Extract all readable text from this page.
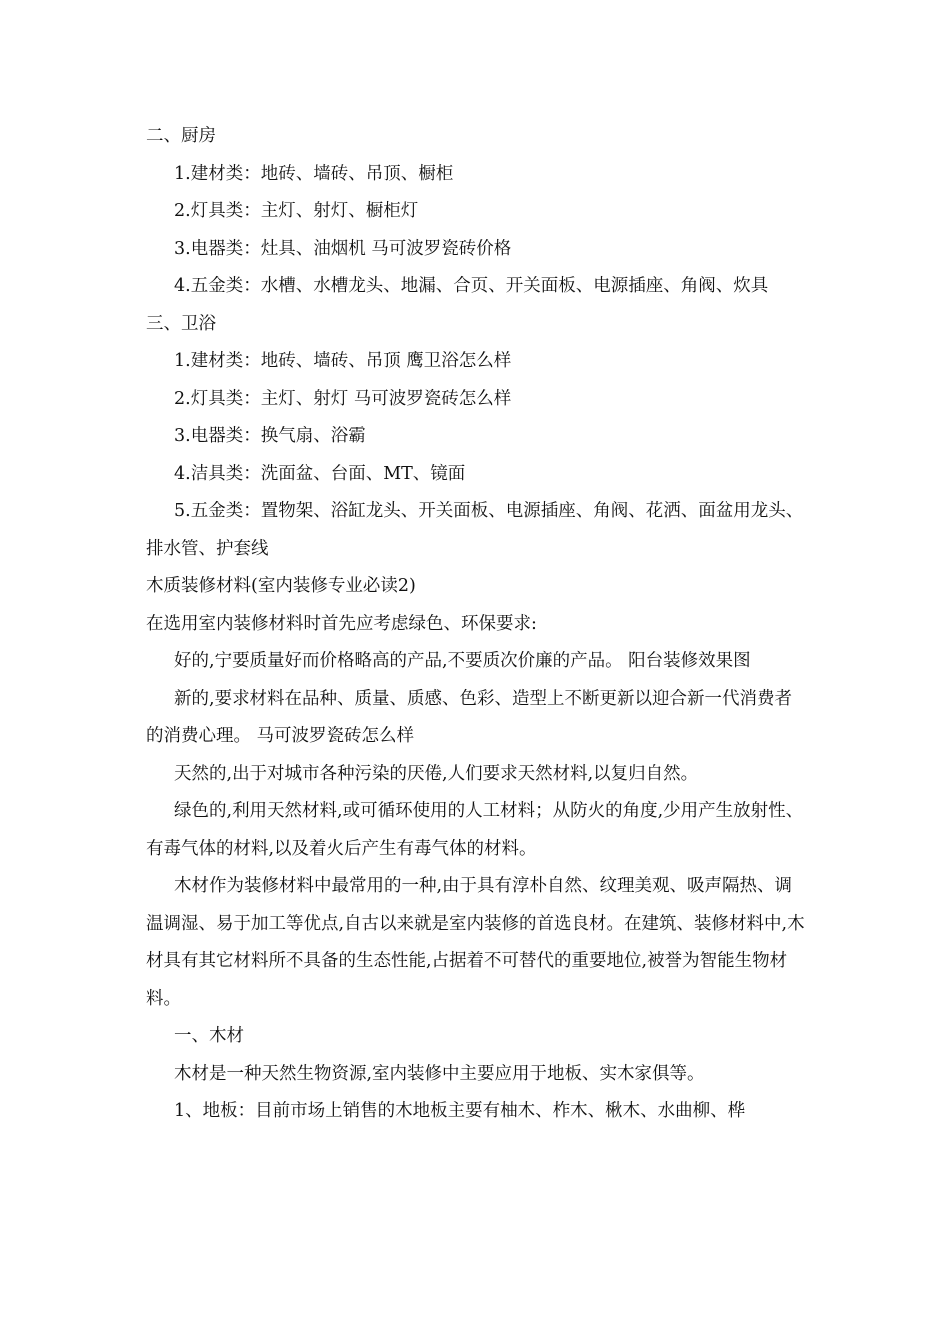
二、厨房

1.建材类：地砖、墙砖、吊顶、橱柜

2.灯具类：主灯、射灯、橱柜灯

3.电器类：灶具、油烟机 马可波罗瓷砖价格

4.五金类：水槽、水槽龙头、地漏、合页、开关面板、电源插座、角阀、炊具

三、卫浴

1.建材类：地砖、墙砖、吊顶 鹰卫浴怎么样

2.灯具类：主灯、射灯 马可波罗瓷砖怎么样

3.电器类：换气扇、浴霸

4.洁具类：洗面盆、台面、MT、镜面

5.五金类：置物架、浴缸龙头、开关面板、电源插座、角阀、花洒、面盆用龙头、排水管、护套线

木质装修材料(室内装修专业必读2)

在选用室内装修材料时首先应考虑绿色、环保要求:

好的,宁要质量好而价格略高的产品,不要质次价廉的产品。 阳台装修效果图

新的,要求材料在品种、质量、质感、色彩、造型上不断更新以迎合新一代消费者的消费心理。 马可波罗瓷砖怎么样

天然的,出于对城市各种污染的厌倦,人们要求天然材料,以复归自然。

绿色的,利用天然材料,或可循环使用的人工材料；从防火的角度,少用产生放射性、有毒气体的材料,以及着火后产生有毒气体的材料。

木材作为装修材料中最常用的一种,由于具有淳朴自然、纹理美观、吸声隔热、调温调湿、易于加工等优点,自古以来就是室内装修的首选良材。在建筑、装修材料中,木材具有其它材料所不具备的生态性能,占据着不可替代的重要地位,被誉为智能生物材料。

一、木材

木材是一种天然生物资源,室内装修中主要应用于地板、实木家俱等。

1、地板：目前市场上销售的木地板主要有柚木、柞木、楸木、水曲柳、桦
